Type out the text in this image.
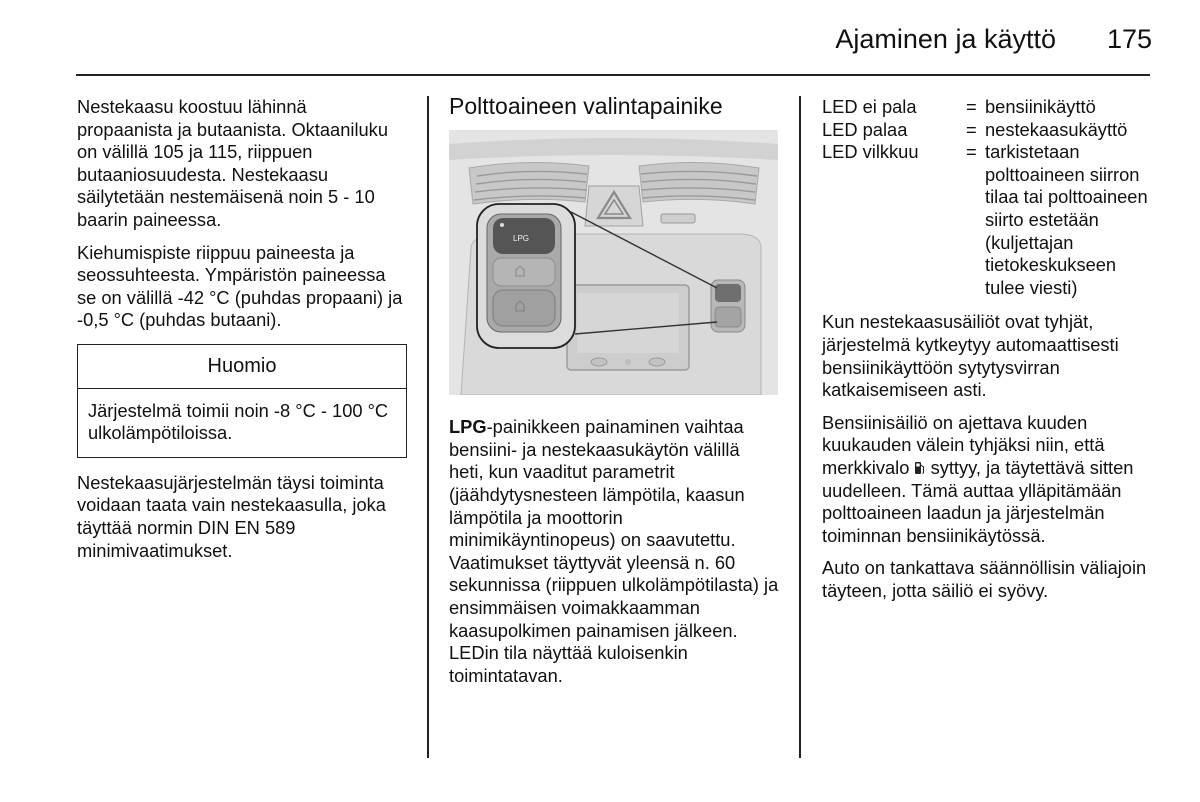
Ajaminen ja käyttö 175

Nestekaasu koostuu lähinnä propaanista ja butaanista. Oktaaniluku on välillä 105 ja 115, riippuen butaaniosuudesta. Nestekaasu säilytetään nestemäisenä noin 5 - 10 baarin paineessa.

Kiehumispiste riippuu paineesta ja seossuhteesta. Ympäristön paineessa se on välillä -42 °C (puhdas propaani) ja -0,5 °C (puhdas butaani).

Huomio
Järjestelmä toimii noin -8 °C - 100 °C ulkolämpötiloissa.

Nestekaasujärjestelmän täysi toiminta voidaan taata vain nestekaasulla, joka täyttää normin DIN EN 589 minimivaatimukset.

Polttoaineen valintapainike
LPG

LPG-painikkeen painaminen vaihtaa bensiini- ja nestekaasukäytön välillä heti, kun vaaditut parametrit (jäähdytysnesteen lämpötila, kaasun lämpötila ja moottorin minimikäyntinopeus) on saavutettu. Vaatimukset täyttyvät yleensä n. 60 sekunnissa (riippuen ulkolämpötilasta) ja ensimmäisen voimakkaamman kaasupolkimen painamisen jälkeen. LEDin tila näyttää kuloisenkin toimintatavan.

LED ei pala	=	bensiinikäyttö
LED palaa	=	nestekaasukäyttö
LED vilkkuu	=	tarkistetaan polttoaineen siirron tilaa tai polttoaineen siirto estetään (kuljettajan tietokeskukseen tulee viesti)

Kun nestekaasusäiliöt ovat tyhjät, järjestelmä kytkeytyy automaattisesti bensiinikäyttöön sytytysvirran katkaisemiseen asti.

Bensiinisäiliö on ajettava kuuden kuukauden välein tyhjäksi niin, että merkkivalo syttyy, ja täytettävä sitten uudelleen. Tämä auttaa ylläpitämään polttoaineen laadun ja järjestelmän toiminnan bensiinikäytössä.

Auto on tankattava säännöllisin väliajoin täyteen, jotta säiliö ei syövy.
